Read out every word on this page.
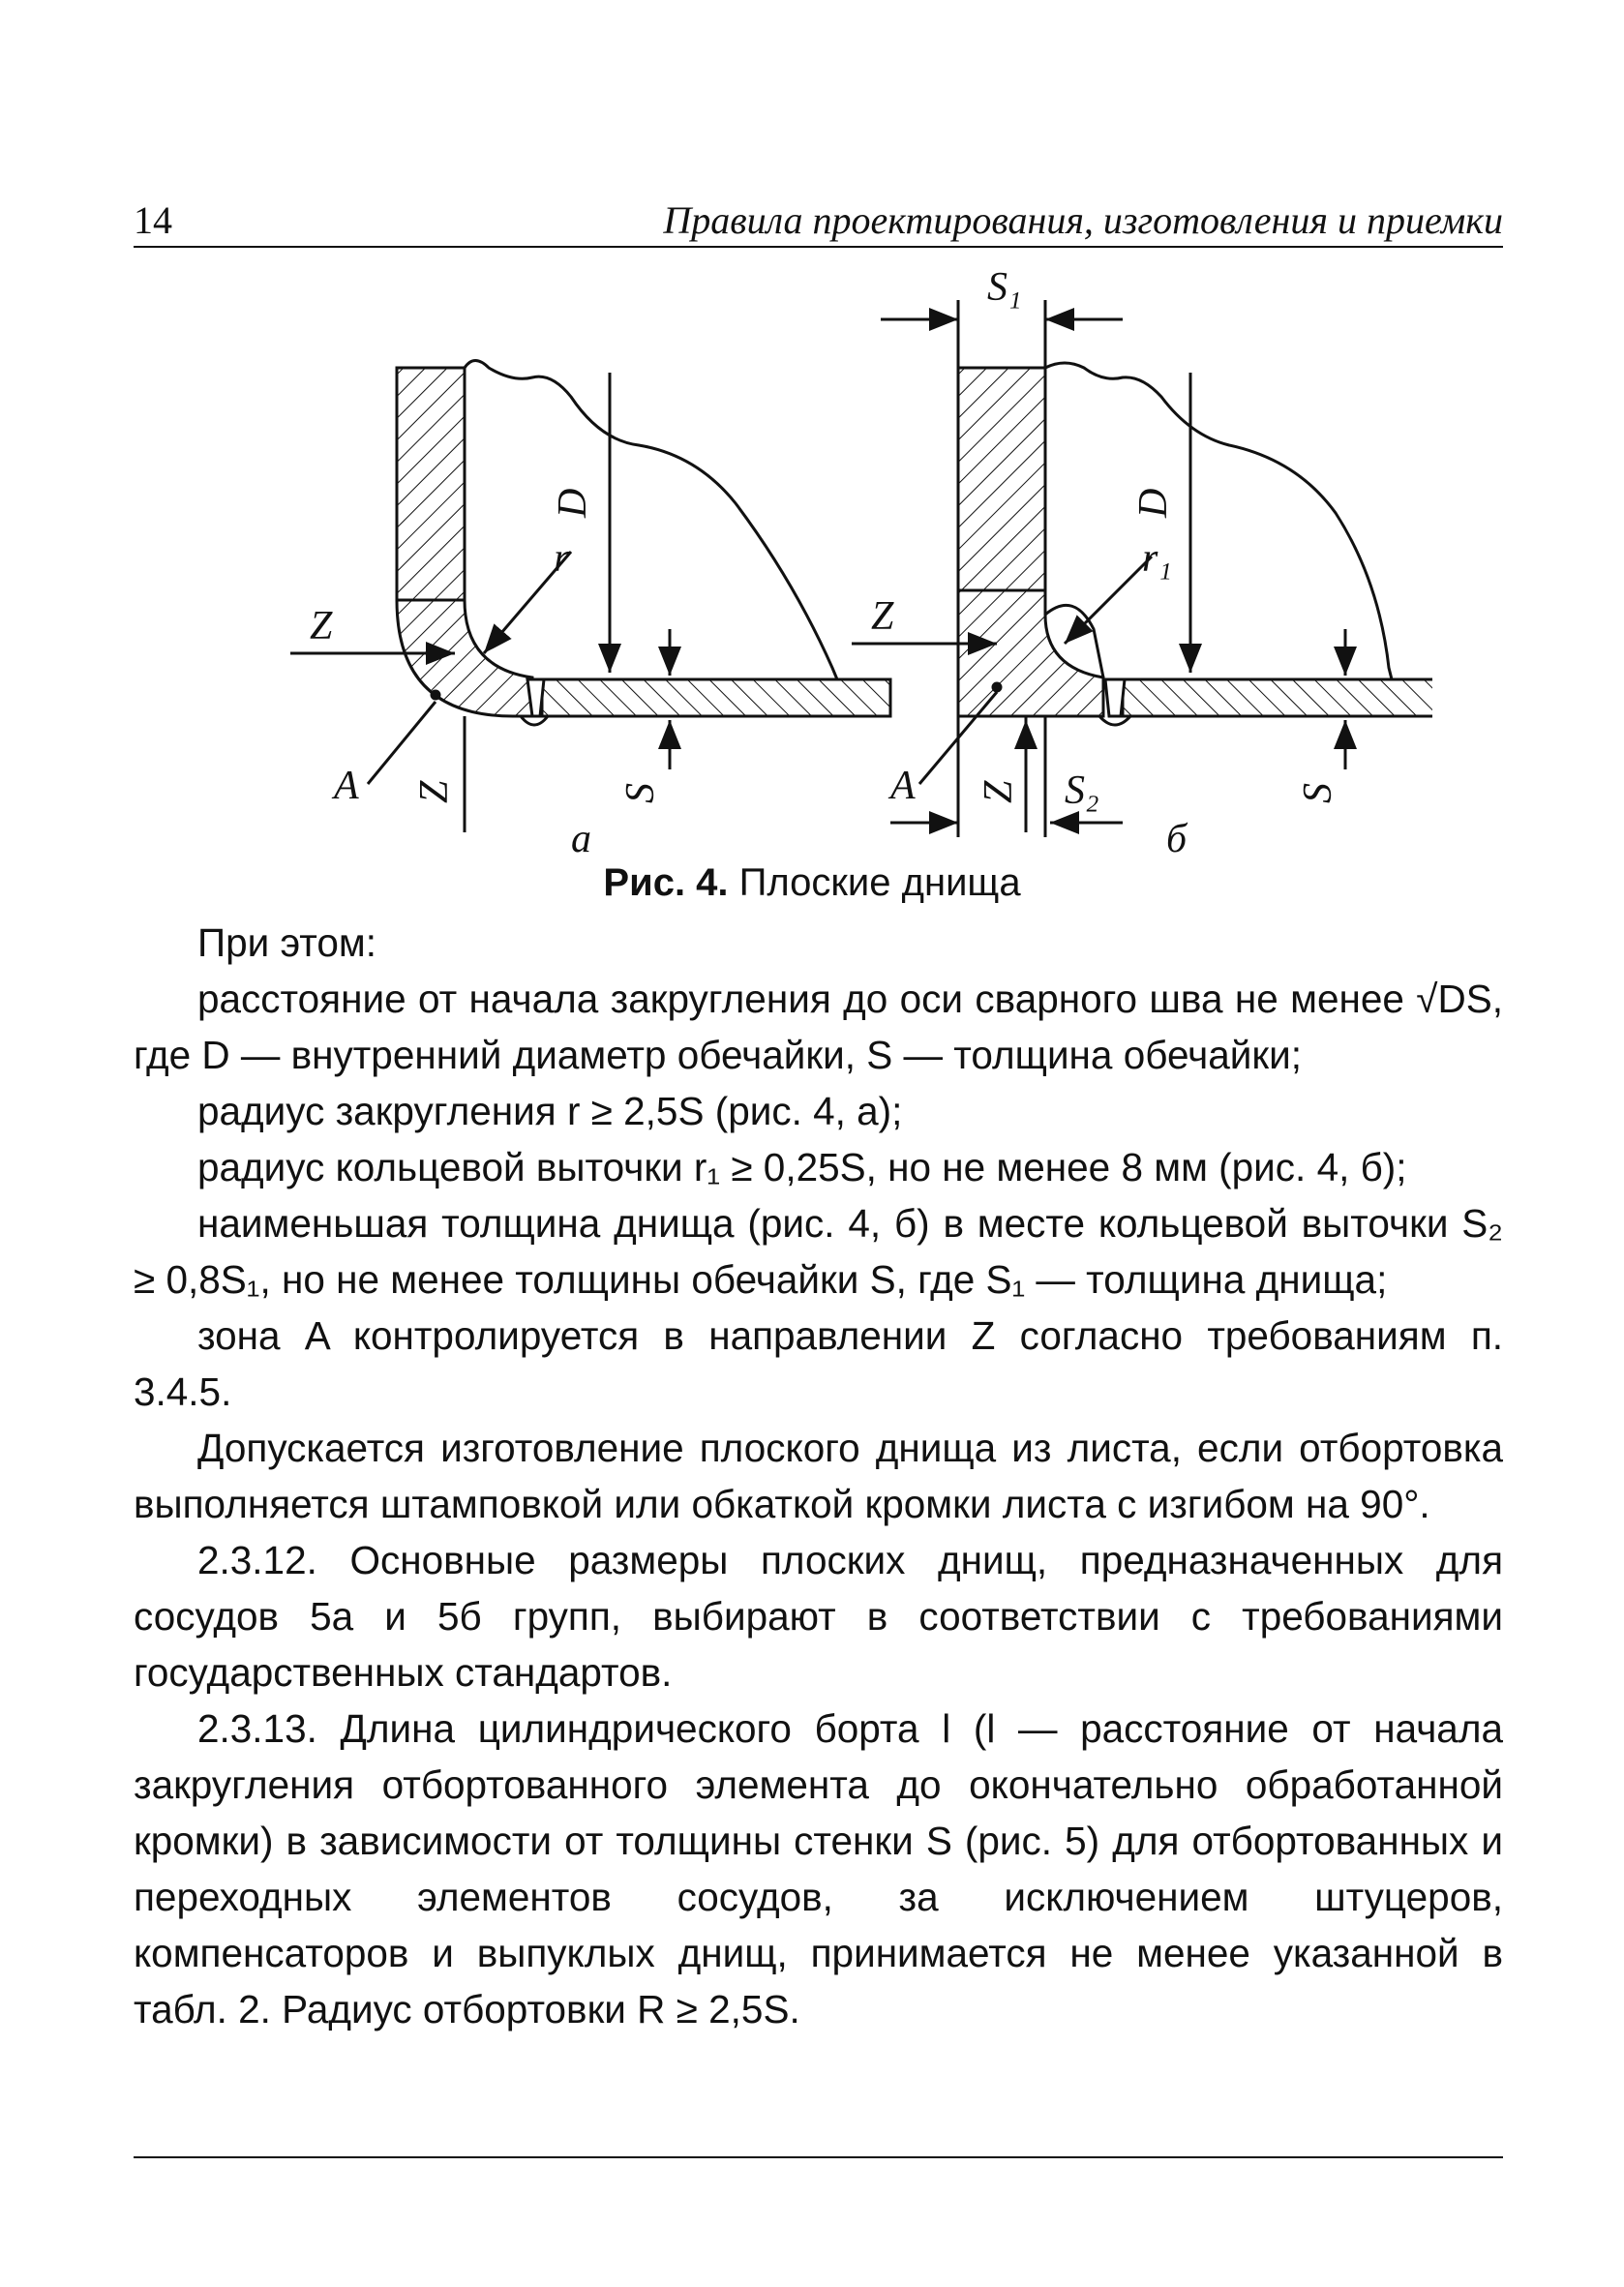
14	Правила проектирования, изготовления и приемки
D
r
Z
A Z	S
а
S₁
D
r₁
Z
A Z S₂	S
б
Рис. 4. Плоские днища

При этом:

расстояние от начала закругления до оси сварного шва не менее √DS, где D — внутренний диаметр обечайки, S — толщина обечайки;

радиус закругления r ≥ 2,5S (рис. 4, а);

радиус кольцевой выточки r₁ ≥ 0,25S, но не менее 8 мм (рис. 4, б);

наименьшая толщина днища (рис. 4, б) в месте кольцевой выточки S₂ ≥ 0,8S₁, но не менее толщины обечайки S, где S₁ — толщина днища;

зона A контролируется в направлении Z согласно требованиям п. 3.4.5.

Допускается изготовление плоского днища из листа, если отбортовка выполняется штамповкой или обкаткой кромки листа с изгибом на 90°.

2.3.12. Основные размеры плоских днищ, предназначенных для сосудов 5а и 5б групп, выбирают в соответствии с требованиями государственных стандартов.

2.3.13. Длина цилиндрического борта l (l — расстояние от начала закругления отбортованного элемента до окончательно обработанной кромки) в зависимости от толщины стенки S (рис. 5) для отбортованных и переходных элементов сосудов, за исключением штуцеров, компенсаторов и выпуклых днищ, принимается не менее указанной в табл. 2. Радиус отбортовки R ≥ 2,5S.
